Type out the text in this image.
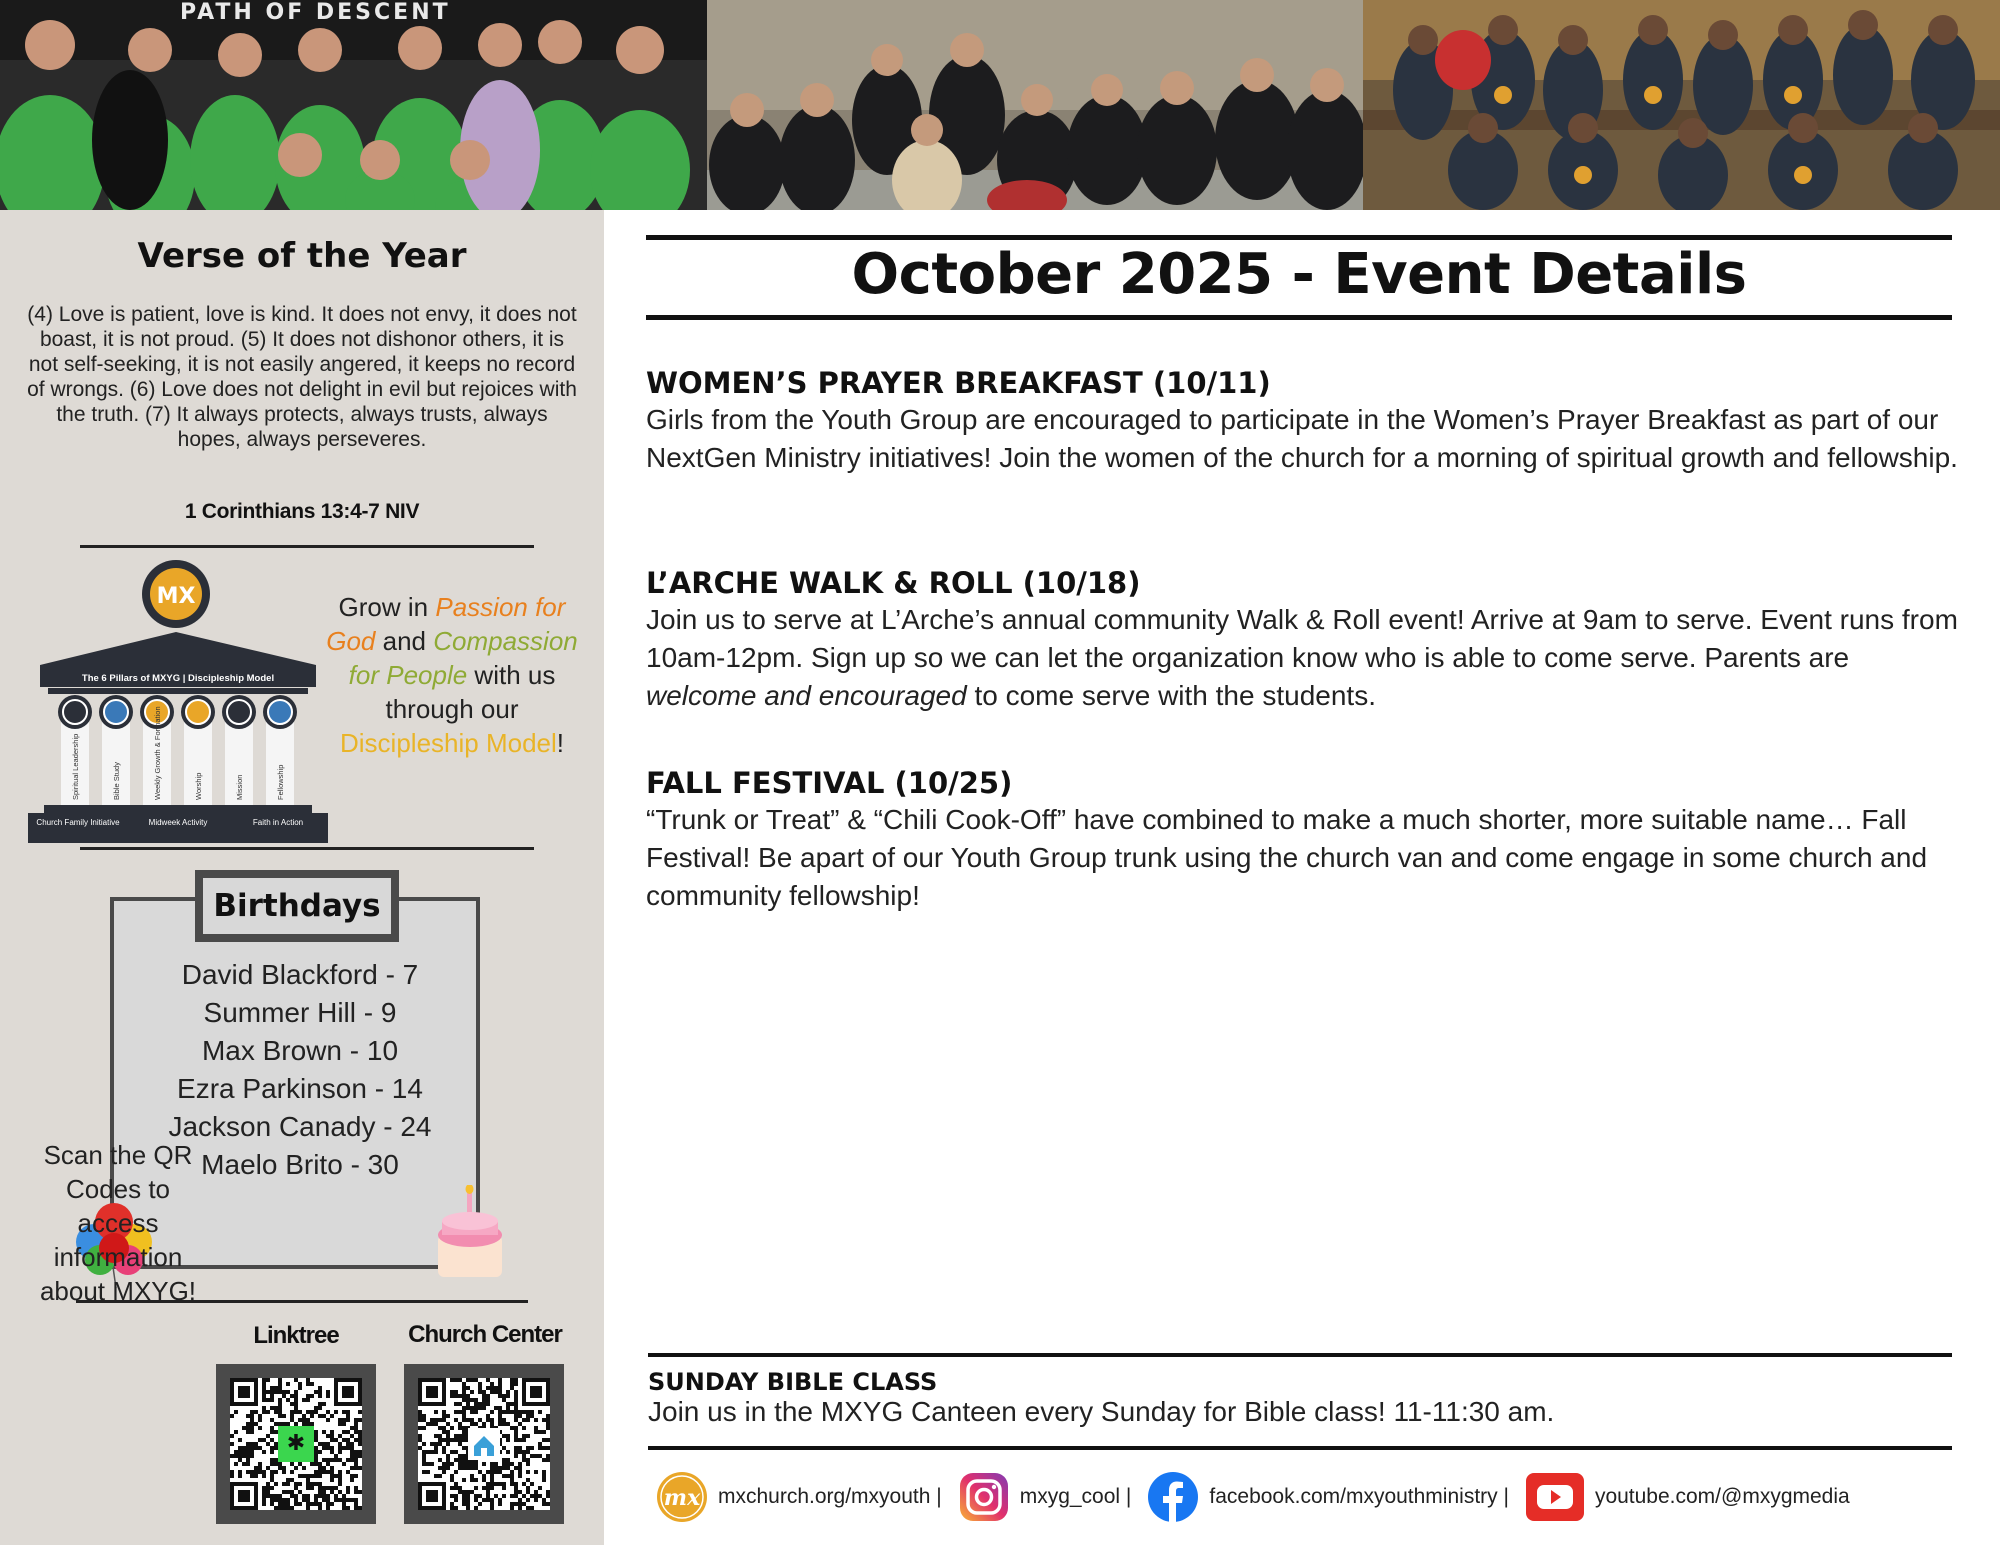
PATH OF DESCENT
Verse of the Year
(4) Love is patient, love is kind. It does not envy, it does not boast, it is not proud. (5) It does not dishonor others, it is not self-seeking, it is not easily angered, it keeps no record of wrongs. (6) Love does not delight in evil but rejoices with the truth. (7) It always protects, always trusts, always hopes, always perseveres.
1 Corinthians 13:4-7 NIV
MX
The 6 Pillars of MXYG | Discipleship Model
Spiritual Leadership	Bible Study	Weekly Growth & Formation	Worship	Mission	Fellowship
Church Family Initiative	Midweek Activity	Faith in Action
Grow in Passion for God and Compassion for People with us through our Discipleship Model!
Birthdays
David Blackford - 7
Summer Hill - 9
Max Brown - 10
Ezra Parkinson - 14
Jackson Canady - 24
Maelo Brito - 30
Scan the QR Codes to access information about MXYG!
Linktree	Church Center
✱
October 2025 - Event Details
WOMEN’S PRAYER BREAKFAST (10/11)

Girls from the Youth Group are encouraged to participate in the Women’s Prayer Breakfast as part of our NextGen Ministry initiatives! Join the women of the church for a morning of spiritual growth and fellowship.

L’ARCHE WALK & ROLL (10/18)

Join us to serve at L’Arche’s annual community Walk & Roll event! Arrive at 9am to serve. Event runs from 10am-12pm. Sign up so we can let the organization know who is able to come serve. Parents are welcome and encouraged to come serve with the students.

FALL FESTIVAL (10/25)

“Trunk or Treat” & “Chili Cook-Off” have combined to make a much shorter, more suitable name… Fall Festival! Be apart of our Youth Group trunk using the church van and come engage in some church and community fellowship!

SUNDAY BIBLE CLASS
Join us in the MXYG Canteen every Sunday for Bible class! 11-11:30 am.
mx mxchurch.org/mxyouth |	mxyg_cool |	facebook.com/mxyouthministry |	youtube.com/@mxygmedia
